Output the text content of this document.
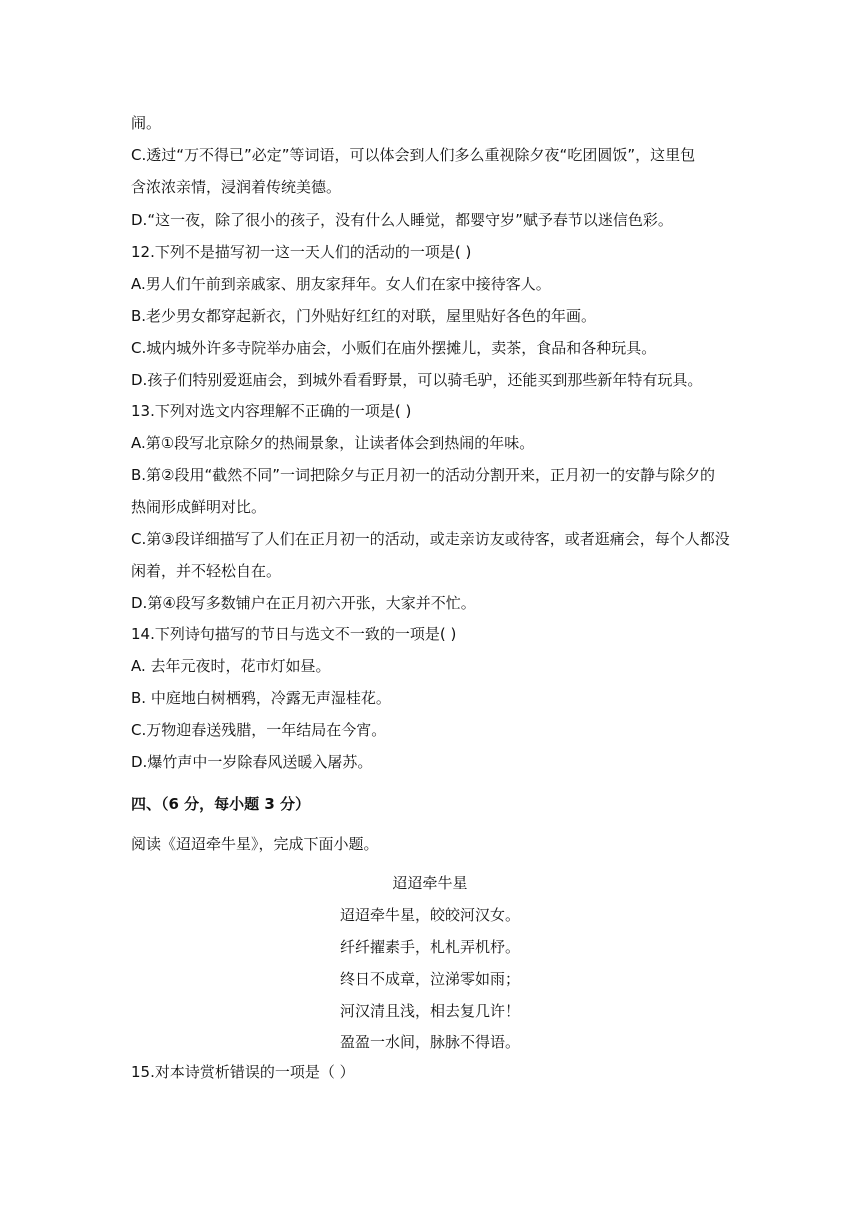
闹。
C.透过“万不得已”必定”等词语，可以体会到人们多么重视除夕夜“吃团圆饭”，这里包
含浓浓亲情，浸润着传统美德。
D.“这一夜，除了很小的孩子，没有什么人睡觉，都婴守岁”赋予春节以迷信色彩。
12.下列不是描写初一这一天人们的活动的一项是( )
A.男人们午前到亲戚家、朋友家拜年。女人们在家中接待客人。
B.老少男女都穿起新衣，门外贴好红红的对联，屋里贴好各色的年画。
C.城内城外许多寺院举办庙会，小贩们在庙外摆摊儿，卖茶，食品和各种玩具。
D.孩子们特别爱逛庙会，到城外看看野景，可以骑毛驴，还能买到那些新年特有玩具。
13.下列对选文内容理解不正确的一项是( )
A.第①段写北京除夕的热闹景象，让读者体会到热闹的年味。
B.第②段用“截然不同”一词把除夕与正月初一的活动分割开来，正月初一的安静与除夕的
热闹形成鲜明对比。
C.第③段详细描写了人们在正月初一的活动，或走亲访友或待客，或者逛痛会，每个人都没
闲着，并不轻松自在。
D.第④段写多数铺户在正月初六开张，大家并不忙。
14.下列诗句描写的节日与选文不一致的一项是( )
A. 去年元夜时，花市灯如昼。
B. 中庭地白树栖鸦，冷露无声湿桂花。
C.万物迎春送残腊，一年结局在今宵。
D.爆竹声中一岁除春风送暖入屠苏。
四、（6 分，每小题 3 分）
阅读《迢迢牵牛星》，完成下面小题。
迢迢牵牛星
迢迢牵牛星，皎皎河汉女。
纤纤擢素手，札札弄机杼。
终日不成章，泣涕零如雨；
河汉清且浅，相去复几许！
盈盈一水间，脉脉不得语。
15.对本诗赏析错误的一项是（ ）
